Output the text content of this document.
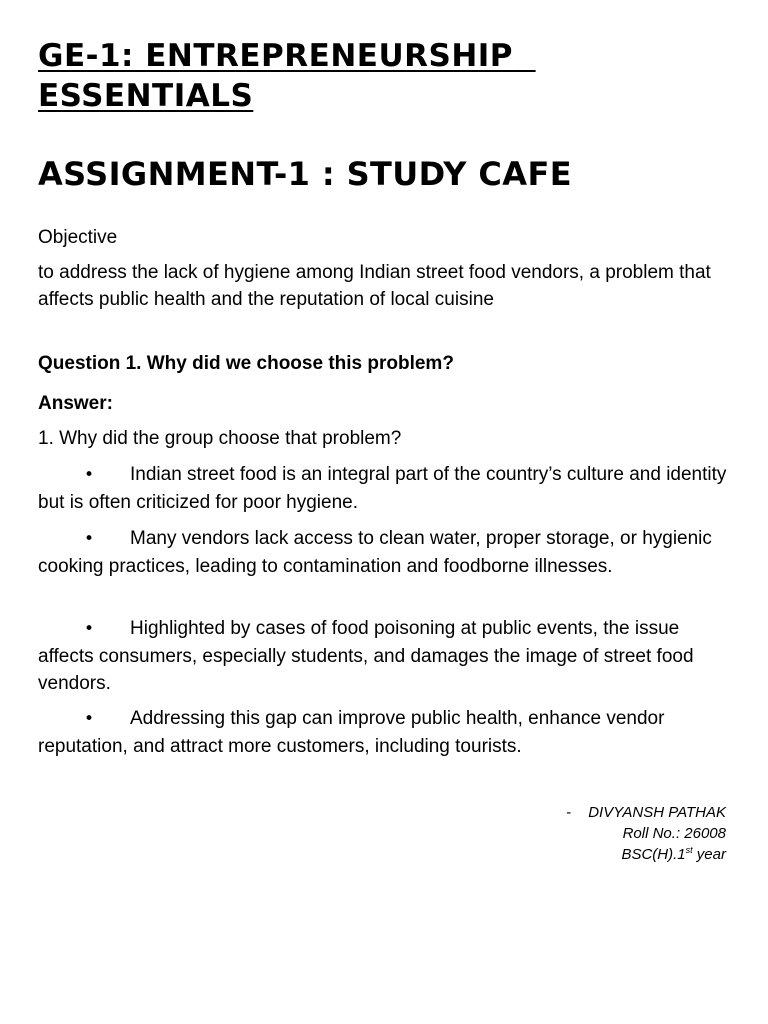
GE-1: ENTREPRENEURSHIP  ESSENTIALS
ASSIGNMENT-1 : STUDY CAFE

Objective

to address the lack of hygiene among Indian street food vendors, a problem that affects public health and the reputation of local cuisine

Question 1. Why did we choose this problem?

Answer:

1. Why did the group choose that problem?

• Indian street food is an integral part of the country’s culture and identity but is often criticized for poor hygiene.

• Many vendors lack access to clean water, proper storage, or hygienic cooking practices, leading to contamination and foodborne illnesses.

• Highlighted by cases of food poisoning at public events, the issue affects consumers, especially students, and damages the image of street food vendors.

• Addressing this gap can improve public health, enhance vendor reputation, and attract more customers, including tourists.

- DIVYANSH PATHAK
Roll No.: 26008
BSC(H).1st year
